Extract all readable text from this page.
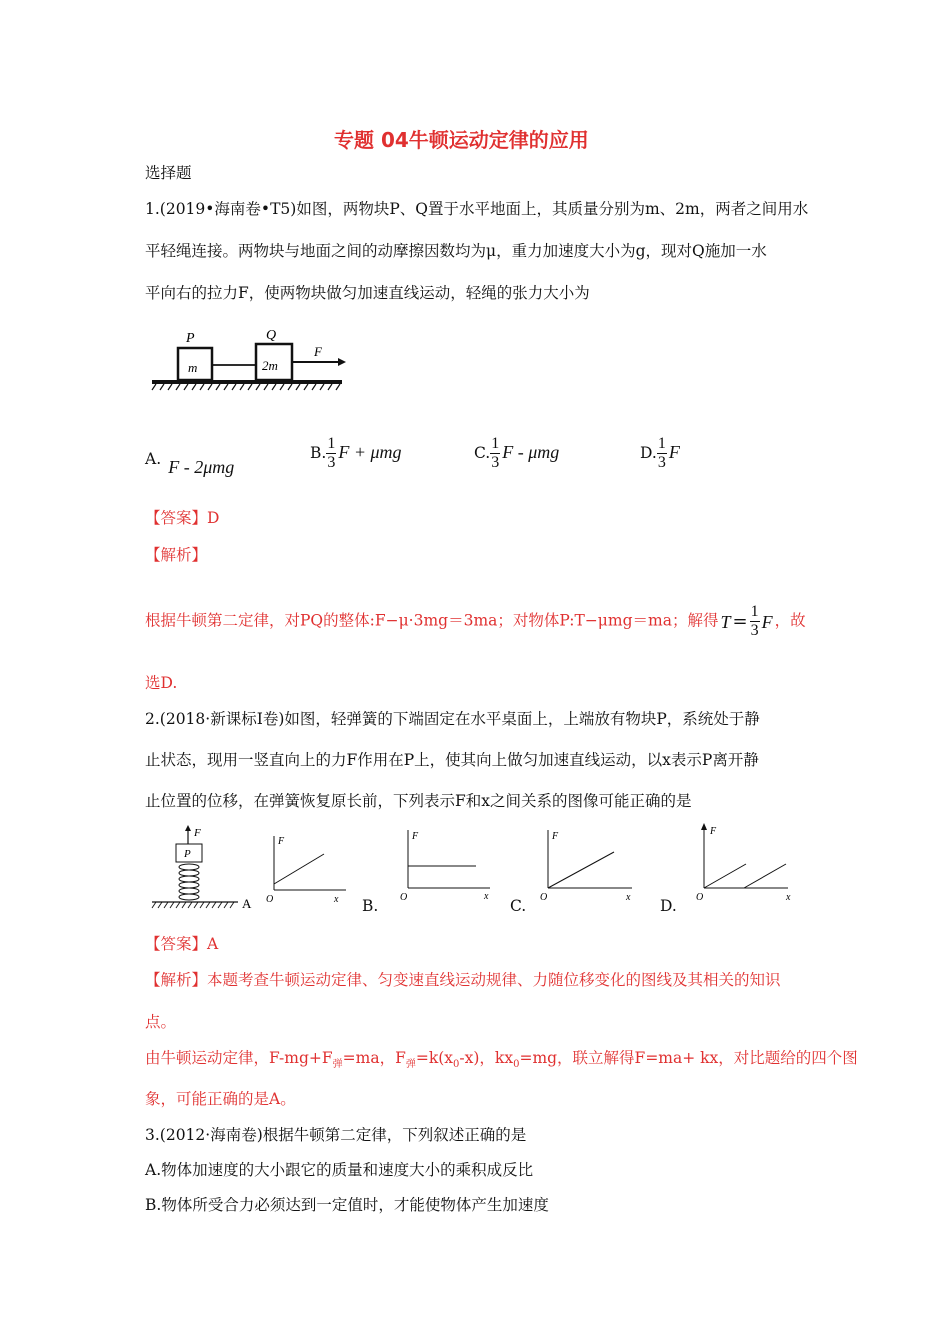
专题 04牛顿运动定律的应用
选择题
1.(2019•海南卷•T5)如图，两物块P、Q置于水平地面上，其质量分别为m、2m，两者之间用水
平轻绳连接。两物块与地面之间的动摩擦因数均为μ，重力加速度大小为g，现对Q施加一水
平向右的拉力F，使两物块做匀加速直线运动，轻绳的张力大小为
P	Q
m	2m
F
A. F - 2μmg
B. $\frac{1}{3}$ F + μmg	C. $\frac{1}{3}$ F - μmg	D. $\frac{1}{3}$ F
【答案】D
【解析】
根据牛顿第二定律，对PQ的整体:F−μ·3mg＝3ma；对物体P:T−μmg＝ma；解得 $T = \frac{1}{3}$ F ，故
选D.
2.(2018·新课标Ⅰ卷)如图，轻弹簧的下端固定在水平桌面上，上端放有物块P，系统处于静
止状态，现用一竖直向上的力F作用在P上，使其向上做匀加速直线运动，以x表示P离开静
止位置的位移，在弹簧恢复原长前，下列表示F和x之间关系的图像可能正确的是
F
P
A
F
x
O
F
x
O
B.
F
x
O
C.
F
x
O
D.
【答案】A
【解析】本题考查牛顿运动定律、匀变速直线运动规律、力随位移变化的图线及其相关的知识
点。
由牛顿运动定律，$F-mg+F_弹=ma$，$F_弹=k(x_0-x)$，$kx_0=mg$，联立解得F=ma+ kx，对比题给的四个图
象，可能正确的是A。
3.(2012·海南卷)根据牛顿第二定律，下列叙述正确的是
A.物体加速度的大小跟它的质量和速度大小的乘积成反比
B.物体所受合力必须达到一定值时，才能使物体产生加速度
